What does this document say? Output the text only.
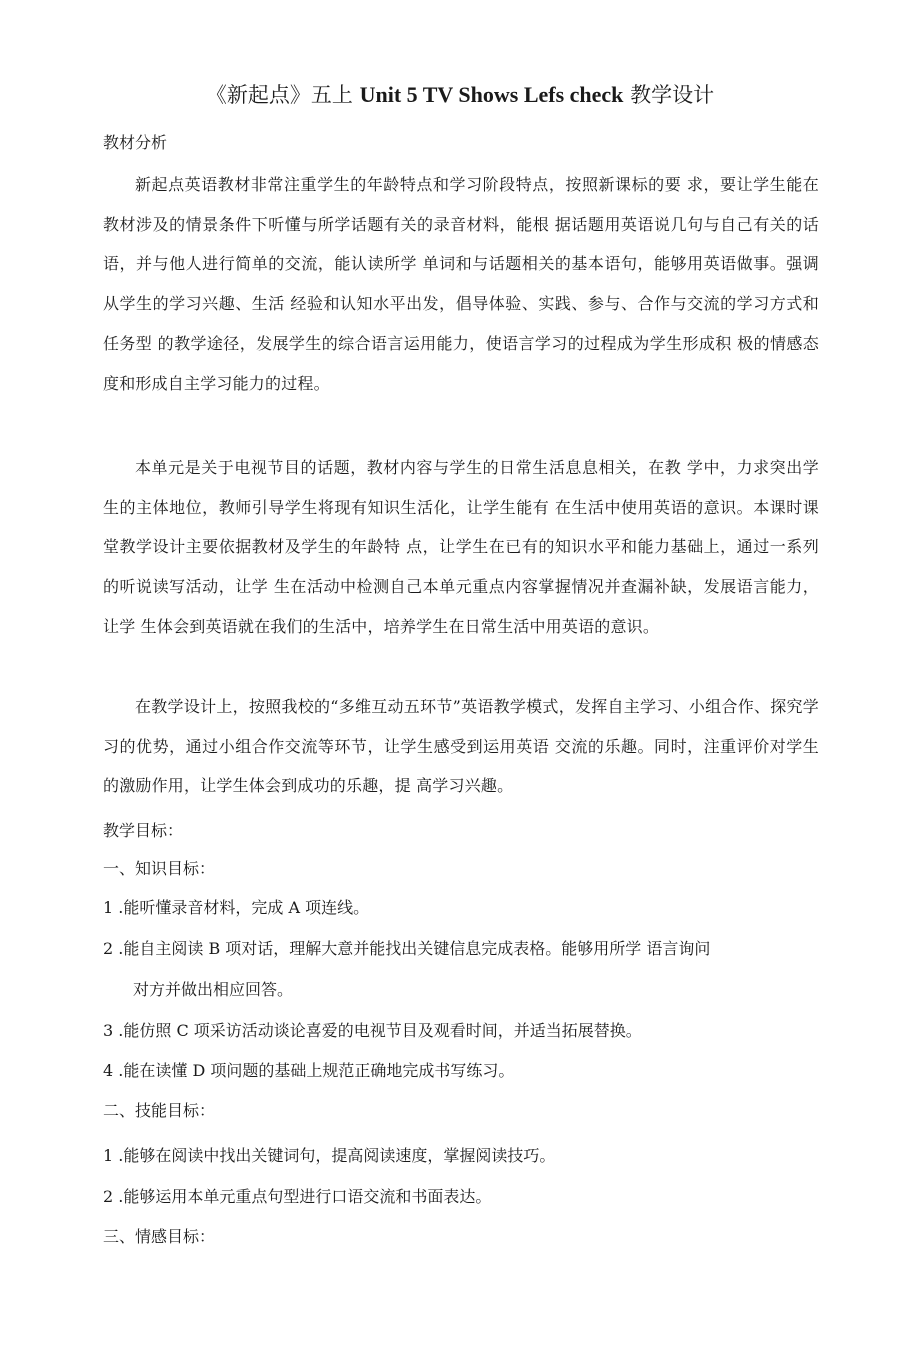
《新起点》五上 Unit 5 TV Shows Lefs check 教学设计
教材分析
新起点英语教材非常注重学生的年龄特点和学习阶段特点，按照新课标的要 求，要让学生能在教材涉及的情景条件下听懂与所学话题有关的录音材料，能根 据话题用英语说几句与自己有关的话语，并与他人进行简单的交流，能认读所学 单词和与话题相关的基本语句，能够用英语做事。强调从学生的学习兴趣、生活 经验和认知水平出发，倡导体验、实践、参与、合作与交流的学习方式和任务型 的教学途径，发展学生的综合语言运用能力，使语言学习的过程成为学生形成积 极的情感态度和形成自主学习能力的过程。
本单元是关于电视节目的话题，教材内容与学生的日常生活息息相关，在教 学中，力求突出学生的主体地位，教师引导学生将现有知识生活化，让学生能有 在生活中使用英语的意识。本课时课堂教学设计主要依据教材及学生的年龄特 点，让学生在已有的知识水平和能力基础上，通过一系列的听说读写活动，让学 生在活动中检测自己本单元重点内容掌握情况并查漏补缺，发展语言能力，让学 生体会到英语就在我们的生活中，培养学生在日常生活中用英语的意识。
在教学设计上，按照我校的“多维互动五环节”英语教学模式，发挥自主学习、小组合作、探究学习的优势，通过小组合作交流等环节，让学生感受到运用英语 交流的乐趣。同时，注重评价对学生的激励作用，让学生体会到成功的乐趣，提 高学习兴趣。
教学目标：
一、知识目标：
1 .能听懂录音材料，完成 A 项连线。
2 .能自主阅读 B 项对话，理解大意并能找出关键信息完成表格。能够用所学 语言询问
对方并做出相应回答。
3 .能仿照 C 项采访活动谈论喜爱的电视节目及观看时间，并适当拓展替换。
4 .能在读懂 D 项问题的基础上规范正确地完成书写练习。
二、技能目标：
1 .能够在阅读中找出关键词句，提高阅读速度，掌握阅读技巧。
2 .能够运用本单元重点句型进行口语交流和书面表达。
三、情感目标：
